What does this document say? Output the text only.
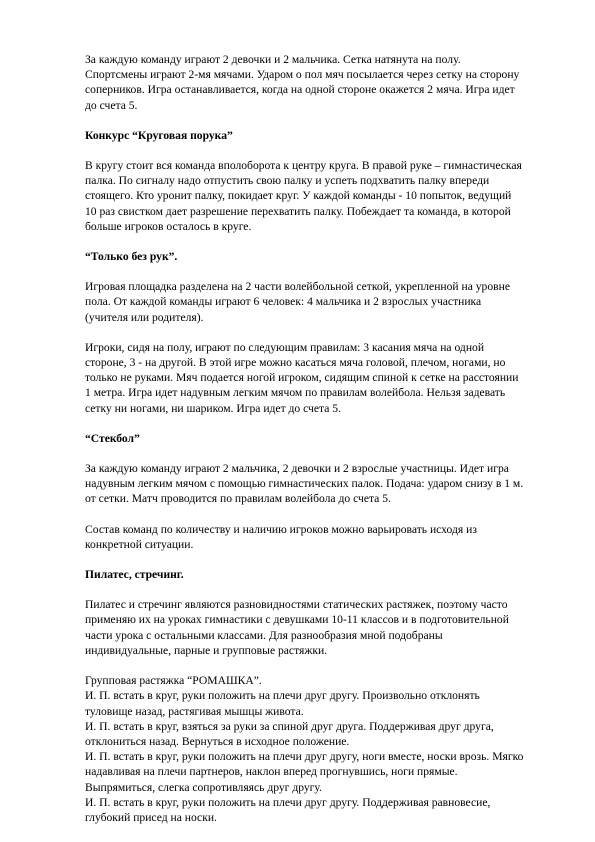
За каждую команду играют 2 девочки и 2 мальчика. Сетка натянута на полу. Спортсмены играют 2-мя мячами. Ударом о пол мяч посылается через сетку на сторону соперников. Игра останавливается, когда на одной стороне окажется 2 мяча. Игра идет до счета 5.

Конкурс “Круговая порука”

В кругу стоит вся команда вполоборота к центру круга. В правой руке – гимнастическая палка. По сигналу надо отпустить свою палку и успеть подхватить палку впереди стоящего. Кто уронит палку, покидает круг. У каждой команды - 10 попыток, ведущий 10 раз свистком дает разрешение перехватить палку. Побеждает та команда, в которой больше игроков осталось в круге.

“Только без рук”.

Игровая площадка разделена на 2 части волейбольной сеткой, укрепленной на уровне пола. От каждой команды играют 6 человек: 4 мальчика и 2 взрослых участника (учителя или родителя).

Игроки, сидя на полу, играют по следующим правилам: 3 касания мяча на одной стороне, 3 - на другой. В этой игре можно касаться мяча головой, плечом, ногами, но только не руками. Мяч подается ногой игроком, сидящим спиной к сетке на расстоянии 1 метра. Игра идет надувным легким мячом по правилам волейбола. Нельзя задевать сетку ни ногами, ни шариком. Игра идет до счета 5.

“Стекбол”

За каждую команду играют 2 мальчика, 2 девочки и 2 взрослые участницы. Идет игра надувным легким мячом с помощью гимнастических палок. Подача: ударом снизу в 1 м. от сетки. Матч проводится по правилам волейбола до счета 5.

Состав команд по количеству и наличию игроков можно варьировать исходя из конкретной ситуации.

Пилатес, стречинг.

Пилатес и стречинг являются разновидностями статических растяжек, поэтому часто применяю их на уроках гимнастики с девушками 10-11 классов и в подготовительной части урока с остальными классами. Для разнообразия мной подобраны индивидуальные, парные и групповые растяжки.

Групповая растяжка “РОМАШКА”.

И. П. встать в круг, руки положить на плечи друг другу. Произвольно отклонять туловище назад, растягивая мышцы живота.

И. П. встать в круг, взяться за руки за спиной друг друга. Поддерживая друг друга, отклониться назад. Вернуться в исходное положение.

И. П. встать в круг, руки положить на плечи друг другу, ноги вместе, носки врозь. Мягко надавливая на плечи партнеров, наклон вперед прогнувшись, ноги прямые. Выпрямиться, слегка сопротивляясь друг другу.

И. П. встать в круг, руки положить на плечи друг другу. Поддерживая равновесие, глубокий присед на носки.
